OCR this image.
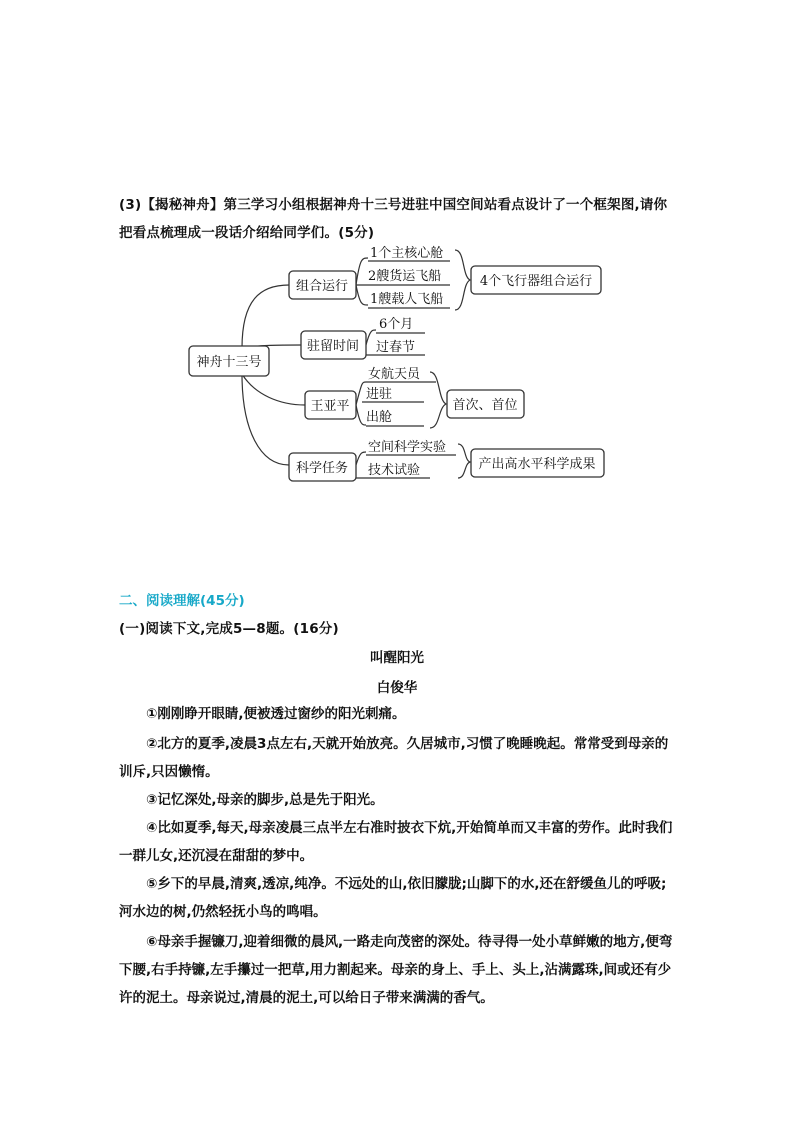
(3)【揭秘神舟】第三学习小组根据神舟十三号进驻中国空间站看点设计了一个框架图,请你
把看点梳理成一段话介绍给同学们。(5分)
神舟十三号
组合运行
1个主核心舱
2艘货运飞船
1艘载人飞船
4个飞行器组合运行
驻留时间
6个月
过春节
王亚平
女航天员
进驻
出舱
首次、首位
科学任务
空间科学实验
技术试验	产出高水平科学成果
二、阅读理解(45分)
(一)阅读下文,完成5—8题。(16分)
叫醒阳光
白俊华
①刚刚睁开眼睛,便被透过窗纱的阳光刺痛。
②北方的夏季,凌晨3点左右,天就开始放亮。久居城市,习惯了晚睡晚起。常常受到母亲的训斥,只因懒惰。
③记忆深处,母亲的脚步,总是先于阳光。
④比如夏季,每天,母亲凌晨三点半左右准时披衣下炕,开始简单而又丰富的劳作。此时我们一群儿女,还沉浸在甜甜的梦中。
⑤乡下的早晨,清爽,透凉,纯净。不远处的山,依旧朦胧;山脚下的水,还在舒缓鱼儿的呼吸;河水边的树,仍然轻抚小鸟的鸣唱。
⑥母亲手握镰刀,迎着细微的晨风,一路走向茂密的深处。待寻得一处小草鲜嫩的地方,便弯下腰,右手持镰,左手攥过一把草,用力割起来。母亲的身上、手上、头上,沾满露珠,间或还有少许的泥土。母亲说过,清晨的泥土,可以给日子带来满满的香气。
